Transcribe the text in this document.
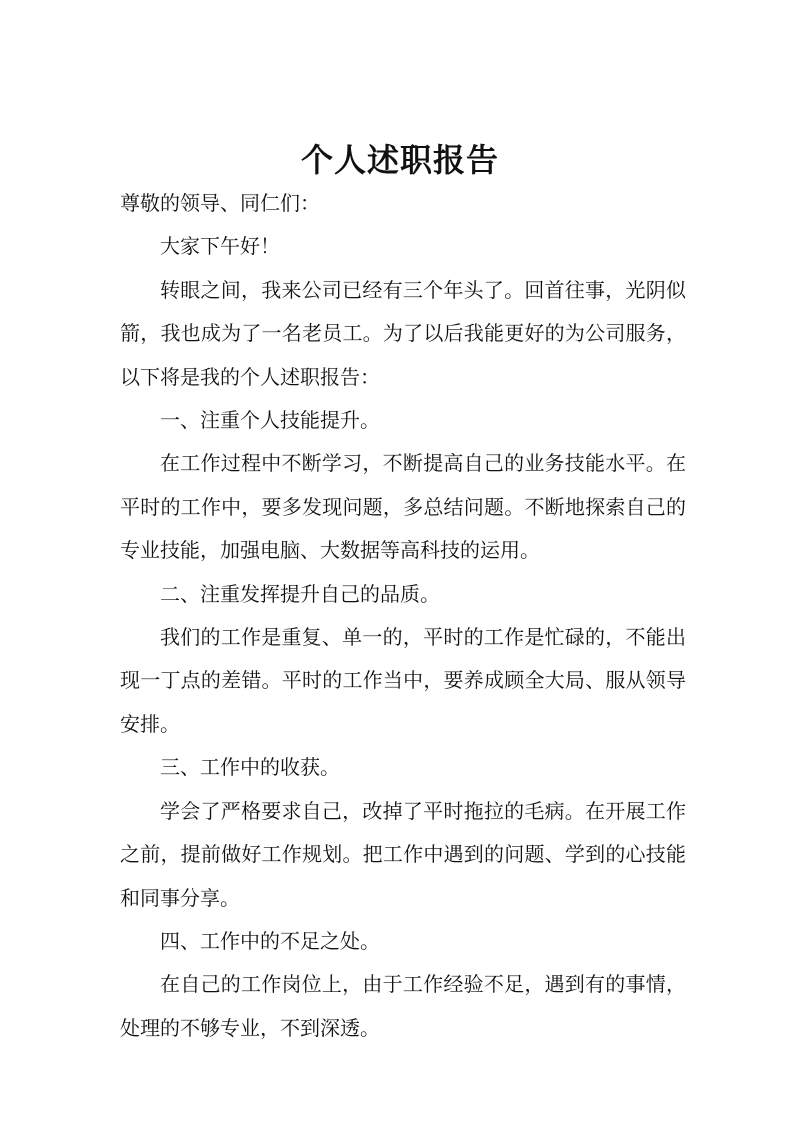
个人述职报告

尊敬的领导、同仁们：

大家下午好！

转眼之间，我来公司已经有三个年头了。回首往事，光阴似箭，我也成为了一名老员工。为了以后我能更好的为公司服务，以下将是我的个人述职报告：

一、注重个人技能提升。

在工作过程中不断学习，不断提高自己的业务技能水平。在平时的工作中，要多发现问题，多总结问题。不断地探索自己的专业技能，加强电脑、大数据等高科技的运用。

二、注重发挥提升自己的品质。

我们的工作是重复、单一的，平时的工作是忙碌的，不能出现一丁点的差错。平时的工作当中，要养成顾全大局、服从领导安排。

三、工作中的收获。

学会了严格要求自己，改掉了平时拖拉的毛病。在开展工作之前，提前做好工作规划。把工作中遇到的问题、学到的心技能和同事分享。

四、工作中的不足之处。

在自己的工作岗位上，由于工作经验不足，遇到有的事情，处理的不够专业，不到深透。
